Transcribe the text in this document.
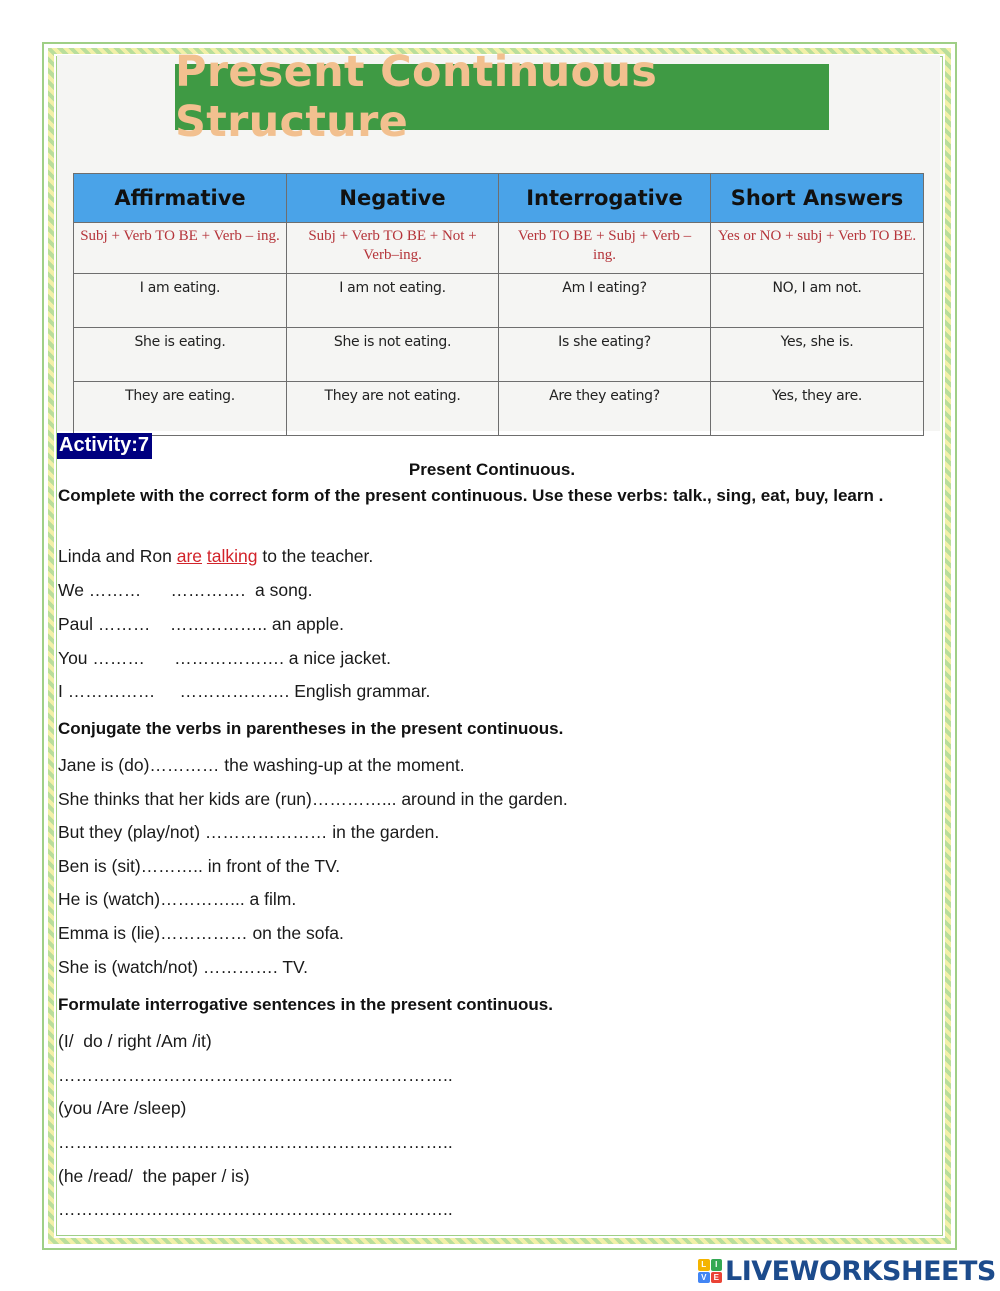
Present Continuous Structure
Affirmative	Negative	Interrogative	Short Answers
Subj + Verb TO BE + Verb – ing.	Subj + Verb TO BE + Not + Verb–ing.	Verb TO BE + Subj + Verb – ing.	Yes or NO + subj + Verb TO BE.
I am eating.	I am not eating.	Am I eating?	NO, I am not.
She is eating.	She is not eating.	Is she eating?	Yes, she is.
They are eating.	They are not eating.	Are they eating?	Yes, they are.
Activity:7
Present Continuous.
Complete with the correct form of the present continuous. Use these verbs: talk., sing, eat, buy, learn .
Linda and Ron are talking to the teacher.
We ………      ………….  a song.
Paul ………    …………….. an apple.
You ………      ………………. a nice jacket.
I ……………     ………………. English grammar.
Conjugate the verbs in parentheses in the present continuous.
Jane is (do)………… the washing-up at the moment.
She thinks that her kids are (run)…………... around in the garden.
But they (play/not) ………………… in the garden.
Ben is (sit)……….. in front of the TV.
He is (watch)…………... a film.
Emma is (lie)…………… on the sofa.
She is (watch/not) …………. TV.
Formulate interrogative sentences in the present continuous.
(I/  do / right /Am /it)
…………………………………………………………..
(you /Are /sleep)
…………………………………………………………..
(he /read/  the paper / is)
…………………………………………………………..
L	I
V E LIVEWORKSHEETS
